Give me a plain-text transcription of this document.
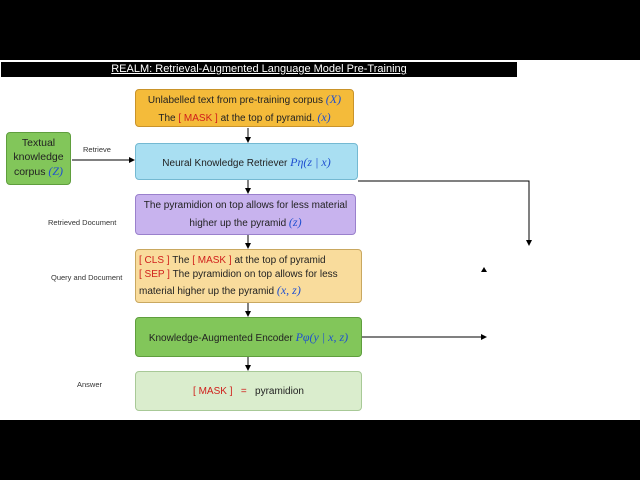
REALM: Retrieval-Augmented Language Model Pre-Training
Textual
knowledge
corpus (Z)
Retrieve
Unlabelled text from pre-training corpus (X)
The [ MASK ] at the top of pyramid. (x)
Neural Knowledge Retriever Pη(z | x)
Retrieved Document
The pyramidion on top allows for less material
higher up the pyramid (z)
Query and Document
[ CLS ] The [ MASK ] at the top of pyramid
[ SEP ] The pyramidion on top allows for less
material higher up the pyramid (x, z)
Knowledge-Augmented Encoder Pφ(y | x, z)
Answer
[ MASK ] = pyramidion
